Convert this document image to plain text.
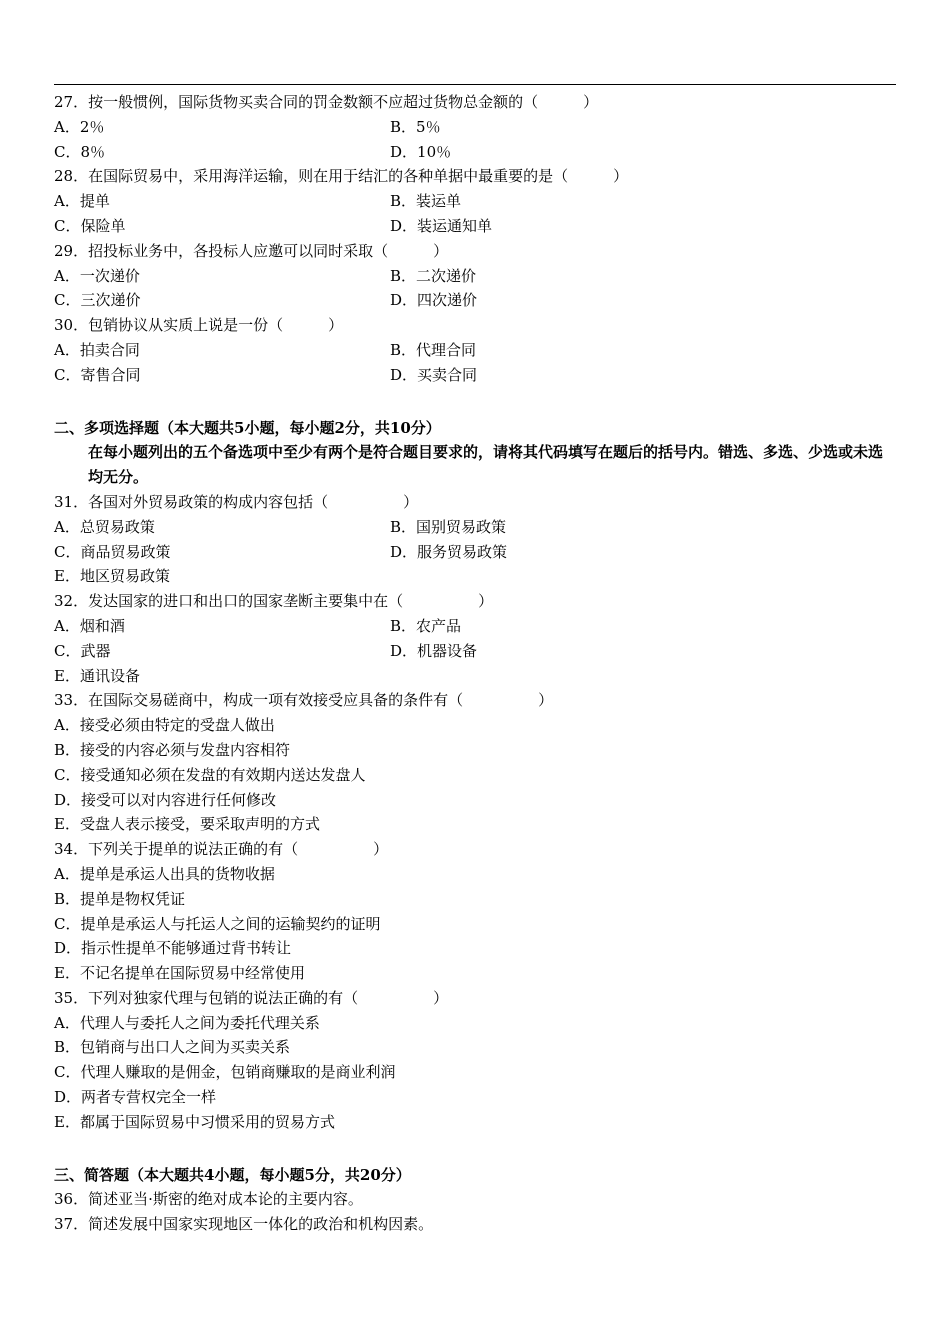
27．按一般惯例，国际货物买卖合同的罚金数额不应超过货物总金额的（　　　）
A．2％	B．5％
C．8％	D．10％
28．在国际贸易中，采用海洋运输，则在用于结汇的各种单据中最重要的是（　　　）
A．提单	B．装运单
C．保险单	D．装运通知单
29．招投标业务中，各投标人应邀可以同时采取（　　　）
A．一次递价	B．二次递价
C．三次递价	D．四次递价
30．包销协议从实质上说是一份（　　　）
A．拍卖合同	B．代理合同
C．寄售合同	D．买卖合同
二、多项选择题（本大题共5小题，每小题2分，共10分）
在每小题列出的五个备选项中至少有两个是符合题目要求的，请将其代码填写在题后的括号内。错选、多选、少选或未选均无分。
31．各国对外贸易政策的构成内容包括（　　　　　）
A．总贸易政策	B．国别贸易政策
C．商品贸易政策	D．服务贸易政策
E．地区贸易政策
32．发达国家的进口和出口的国家垄断主要集中在（　　　　　）
A．烟和酒	B．农产品
C．武器	D．机器设备
E．通讯设备
33．在国际交易磋商中，构成一项有效接受应具备的条件有（　　　　　）
A．接受必须由特定的受盘人做出
B．接受的内容必须与发盘内容相符
C．接受通知必须在发盘的有效期内送达发盘人
D．接受可以对内容进行任何修改
E．受盘人表示接受，要采取声明的方式
34．下列关于提单的说法正确的有（　　　　　）
A．提单是承运人出具的货物收据
B．提单是物权凭证
C．提单是承运人与托运人之间的运输契约的证明
D．指示性提单不能够通过背书转让
E．不记名提单在国际贸易中经常使用
35．下列对独家代理与包销的说法正确的有（　　　　　）
A．代理人与委托人之间为委托代理关系
B．包销商与出口人之间为买卖关系
C．代理人赚取的是佣金，包销商赚取的是商业利润
D．两者专营权完全一样
E．都属于国际贸易中习惯采用的贸易方式
三、简答题（本大题共4小题，每小题5分，共20分）
36．简述亚当·斯密的绝对成本论的主要内容。
37．简述发展中国家实现地区一体化的政治和机构因素。
